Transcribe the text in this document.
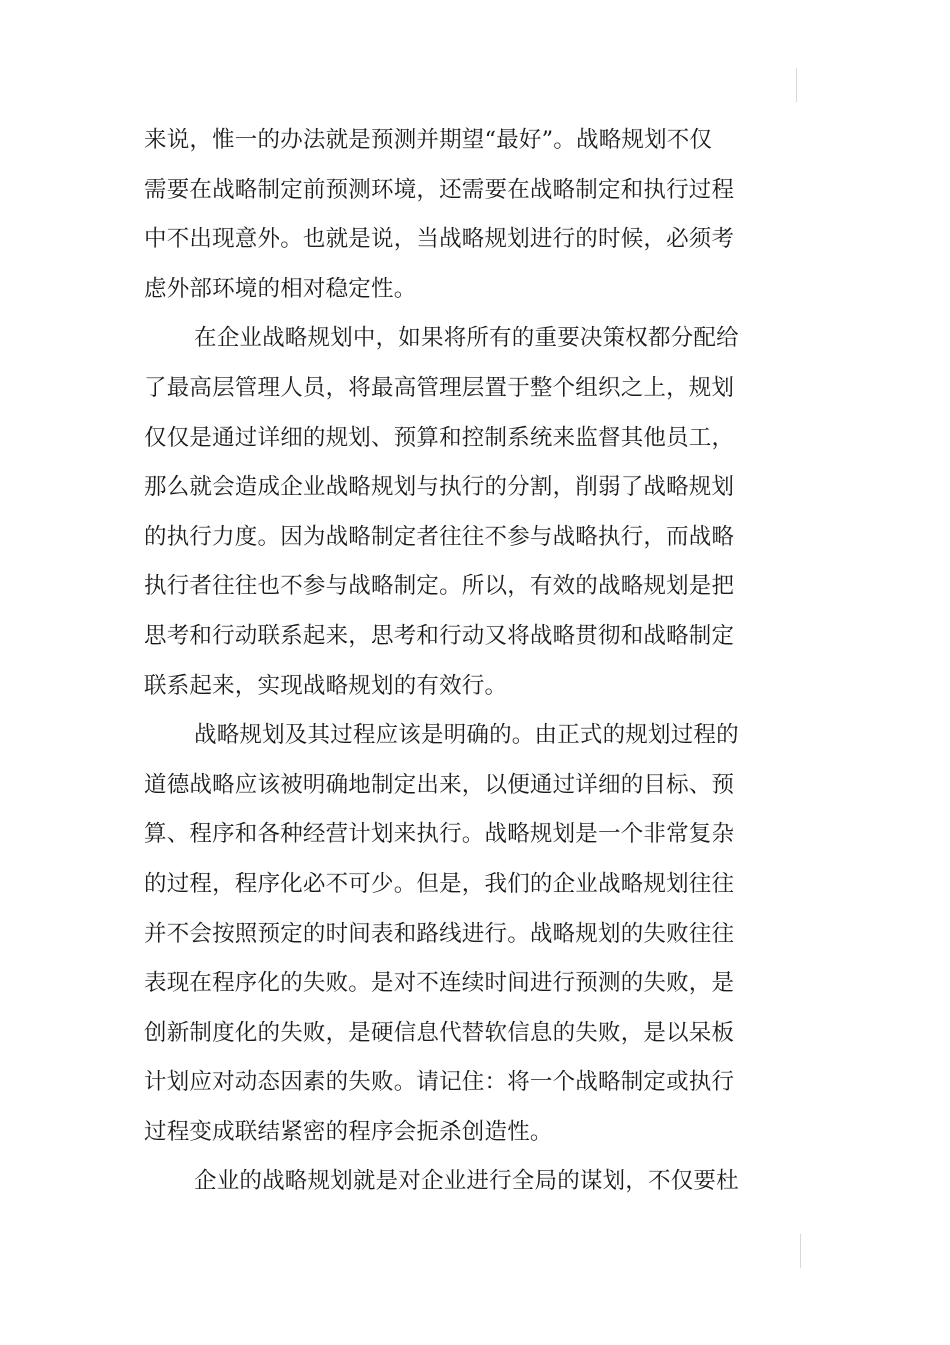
来说，惟一的办法就是预测并期望“最好”。战略规划不仅
需要在战略制定前预测环境，还需要在战略制定和执行过程
中不出现意外。也就是说，当战略规划进行的时候，必须考
虑外部环境的相对稳定性。
在企业战略规划中，如果将所有的重要决策权都分配给
了最高层管理人员，将最高管理层置于整个组织之上，规划
仅仅是通过详细的规划、预算和控制系统来监督其他员工，
那么就会造成企业战略规划与执行的分割，削弱了战略规划
的执行力度。因为战略制定者往往不参与战略执行，而战略
执行者往往也不参与战略制定。所以，有效的战略规划是把
思考和行动联系起来，思考和行动又将战略贯彻和战略制定
联系起来，实现战略规划的有效行。
战略规划及其过程应该是明确的。由正式的规划过程的
道德战略应该被明确地制定出来，以便通过详细的目标、预
算、程序和各种经营计划来执行。战略规划是一个非常复杂
的过程，程序化必不可少。但是，我们的企业战略规划往往
并不会按照预定的时间表和路线进行。战略规划的失败往往
表现在程序化的失败。是对不连续时间进行预测的失败，是
创新制度化的失败，是硬信息代替软信息的失败，是以呆板
计划应对动态因素的失败。请记住：将一个战略制定或执行
过程变成联结紧密的程序会扼杀创造性。
企业的战略规划就是对企业进行全局的谋划，不仅要杜
